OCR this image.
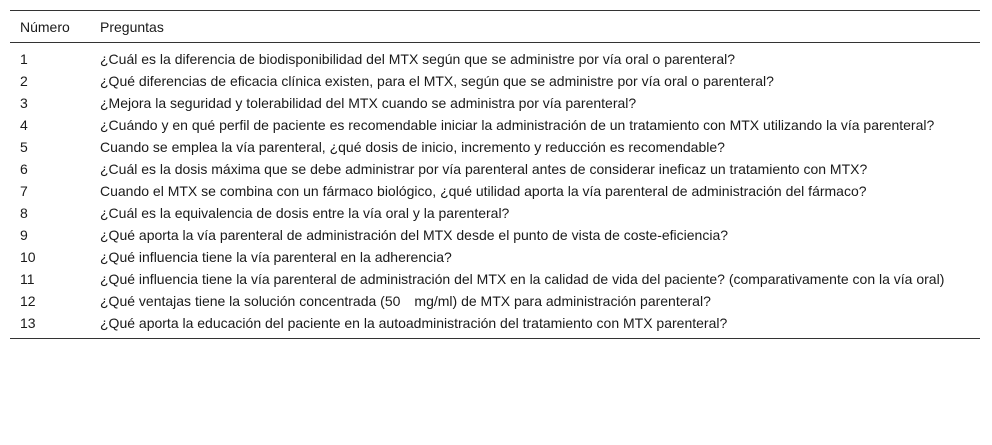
Número	Preguntas
1	¿Cuál es la diferencia de biodisponibilidad del MTX según que se administre por vía oral o parenteral?
2	¿Qué diferencias de eficacia clínica existen, para el MTX, según que se administre por vía oral o parenteral?
3	¿Mejora la seguridad y tolerabilidad del MTX cuando se administra por vía parenteral?
4	¿Cuándo y en qué perfil de paciente es recomendable iniciar la administración de un tratamiento con MTX utilizando la vía parenteral?
5	Cuando se emplea la vía parenteral, ¿qué dosis de inicio, incremento y reducción es recomendable?
6	¿Cuál es la dosis máxima que se debe administrar por vía parenteral antes de considerar ineficaz un tratamiento con MTX?
7	Cuando el MTX se combina con un fármaco biológico, ¿qué utilidad aporta la vía parenteral de administración del fármaco?
8	¿Cuál es la equivalencia de dosis entre la vía oral y la parenteral?
9	¿Qué aporta la vía parenteral de administración del MTX desde el punto de vista de coste-eficiencia?
10	¿Qué influencia tiene la vía parenteral en la adherencia?
11	¿Qué influencia tiene la vía parenteral de administración del MTX en la calidad de vida del paciente? (comparativamente con la vía oral)
12	¿Qué ventajas tiene la solución concentrada (50 mg/ml) de MTX para administración parenteral?
13	¿Qué aporta la educación del paciente en la autoadministración del tratamiento con MTX parenteral?
